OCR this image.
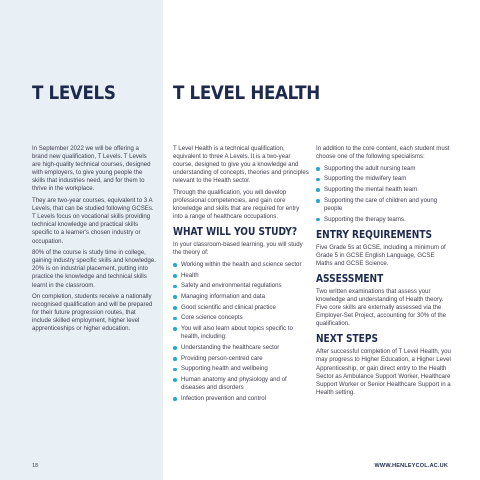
T LEVELS	T LEVEL HEALTH

In September 2022 we will be offering a brand new qualification, T Levels. T Levels are high-quality technical courses, designed with employers, to give young people the skills that industries need, and for them to thrive in the workplace.

They are two-year courses, equivalent to 3 A Levels, that can be studied following GCSEs. T Levels focus on vocational skills providing technical knowledge and practical skills specific to a learner's chosen industry or occupation.

80% of the course is study time in college, gaining industry specific skills and knowledge. 20% is on industrial placement, putting into practice the knowledge and technical skills learnt in the classroom.

On completion, students receive a nationally recognised qualification and will be prepared for their future progression routes, that include skilled employment, higher level apprenticeships or higher education.

T Level Health is a technical qualification, equivalent to three A Levels. It is a two-year course, designed to give you a knowledge and understanding of concepts, theories and principles relevant to the Health sector.

Through the qualification, you will develop professional competencies, and gain core knowledge and skills that are required for entry into a range of healthcare occupations.

WHAT WILL YOU STUDY?

In your classroom-based learning, you will study the theory of:

Working within the health and science sector
Health
Safety and environmental regulations
Managing information and data
Good scientific and clinical practice
Core science concepts
You will also learn about topics specific to health, including:
Understanding the healthcare sector
Providing person-centred care
Supporting health and wellbeing
Human anatomy and physiology and of diseases and disorders
Infection prevention and control

In addition to the core content, each student must choose one of the following specialisms:

Supporting the adult nursing team
Supporting the midwifery team
Supporting the mental health team
Supporting the care of children and young people
Supporting the therapy teams.
ENTRY REQUIREMENTS

Five Grade 5s at GCSE, including a minimum of Grade 5 in GCSE English Language, GCSE Maths and GCSE Science.

ASSESSMENT

Two written examinations that assess your knowledge and understanding of Health theory. Five core skills are externally assessed via the Employer-Set Project, accounting for 30% of the qualification.

NEXT STEPS

After successful completion of T Level Health, you may progress to Higher Education, a Higher Level Apprenticeship, or gain direct entry to the Health Sector as Ambulance Support Worker, Healthcare Support Worker or Senior Healthcare Support in a Health setting.

18	WWW.HENLEYCOL.AC.UK
